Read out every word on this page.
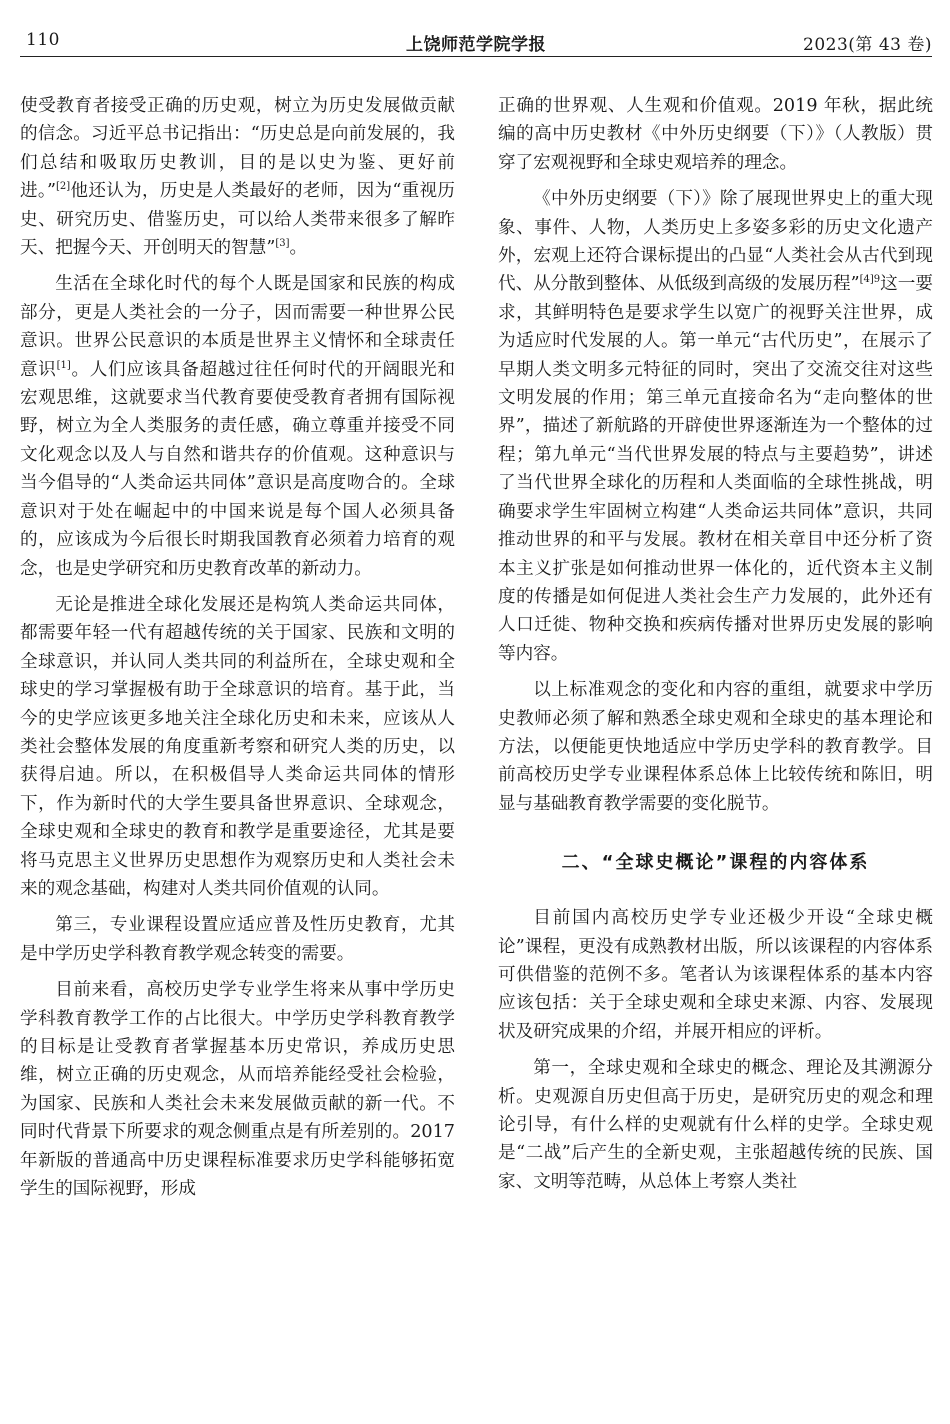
110	上饶师范学院学报	2023(第 43 卷)

使受教育者接受正确的历史观，树立为历史发展做贡献的信念。习近平总书记指出：“历史总是向前发展的，我们总结和吸取历史教训，目的是以史为鉴、更好前进。”[2]他还认为，历史是人类最好的老师，因为“重视历史、研究历史、借鉴历史，可以给人类带来很多了解昨天、把握今天、开创明天的智慧”[3]。

生活在全球化时代的每个人既是国家和民族的构成部分，更是人类社会的一分子，因而需要一种世界公民意识。世界公民意识的本质是世界主义情怀和全球责任意识[1]。人们应该具备超越过往任何时代的开阔眼光和宏观思维，这就要求当代教育要使受教育者拥有国际视野，树立为全人类服务的责任感，确立尊重并接受不同文化观念以及人与自然和谐共存的价值观。这种意识与当今倡导的“人类命运共同体”意识是高度吻合的。全球意识对于处在崛起中的中国来说是每个国人必须具备的，应该成为今后很长时期我国教育必须着力培育的观念，也是史学研究和历史教育改革的新动力。

无论是推进全球化发展还是构筑人类命运共同体，都需要年轻一代有超越传统的关于国家、民族和文明的全球意识，并认同人类共同的利益所在，全球史观和全球史的学习掌握极有助于全球意识的培育。基于此，当今的史学应该更多地关注全球化历史和未来，应该从人类社会整体发展的角度重新考察和研究人类的历史，以获得启迪。所以，在积极倡导人类命运共同体的情形下，作为新时代的大学生要具备世界意识、全球观念，全球史观和全球史的教育和教学是重要途径，尤其是要将马克思主义世界历史思想作为观察历史和人类社会未来的观念基础，构建对人类共同价值观的认同。

第三，专业课程设置应适应普及性历史教育，尤其是中学历史学科教育教学观念转变的需要。

目前来看，高校历史学专业学生将来从事中学历史学科教育教学工作的占比很大。中学历史学科教育教学的目标是让受教育者掌握基本历史常识，养成历史思维，树立正确的历史观念，从而培养能经受社会检验，为国家、民族和人类社会未来发展做贡献的新一代。不同时代背景下所要求的观念侧重点是有所差别的。2017 年新版的普通高中历史课程标准要求历史学科能够拓宽学生的国际视野，形成

正确的世界观、人生观和价值观。2019 年秋，据此统编的高中历史教材《中外历史纲要（下）》（人教版）贯穿了宏观视野和全球史观培养的理念。

《中外历史纲要（下）》除了展现世界史上的重大现象、事件、人物，人类历史上多姿多彩的历史文化遗产外，宏观上还符合课标提出的凸显“人类社会从古代到现代、从分散到整体、从低级到高级的发展历程”$^{[4]9}$这一要求，其鲜明特色是要求学生以宽广的视野关注世界，成为适应时代发展的人。第一单元“古代历史”，在展示了早期人类文明多元特征的同时，突出了交流交往对这些文明发展的作用；第三单元直接命名为“走向整体的世界”，描述了新航路的开辟使世界逐渐连为一个整体的过程；第九单元“当代世界发展的特点与主要趋势”，讲述了当代世界全球化的历程和人类面临的全球性挑战，明确要求学生牢固树立构建“人类命运共同体”意识，共同推动世界的和平与发展。教材在相关章目中还分析了资本主义扩张是如何推动世界一体化的，近代资本主义制度的传播是如何促进人类社会生产力发展的，此外还有人口迁徙、物种交换和疾病传播对世界历史发展的影响等内容。

以上标准观念的变化和内容的重组，就要求中学历史教师必须了解和熟悉全球史观和全球史的基本理论和方法，以便能更快地适应中学历史学科的教育教学。目前高校历史学专业课程体系总体上比较传统和陈旧，明显与基础教育教学需要的变化脱节。

二、“全球史概论”课程的内容体系

目前国内高校历史学专业还极少开设“全球史概论”课程，更没有成熟教材出版，所以该课程的内容体系可供借鉴的范例不多。笔者认为该课程体系的基本内容应该包括：关于全球史观和全球史来源、内容、发展现状及研究成果的介绍，并展开相应的评析。

第一，全球史观和全球史的概念、理论及其溯源分析。史观源自历史但高于历史，是研究历史的观念和理论引导，有什么样的史观就有什么样的史学。全球史观是“二战”后产生的全新史观，主张超越传统的民族、国家、文明等范畴，从总体上考察人类社
